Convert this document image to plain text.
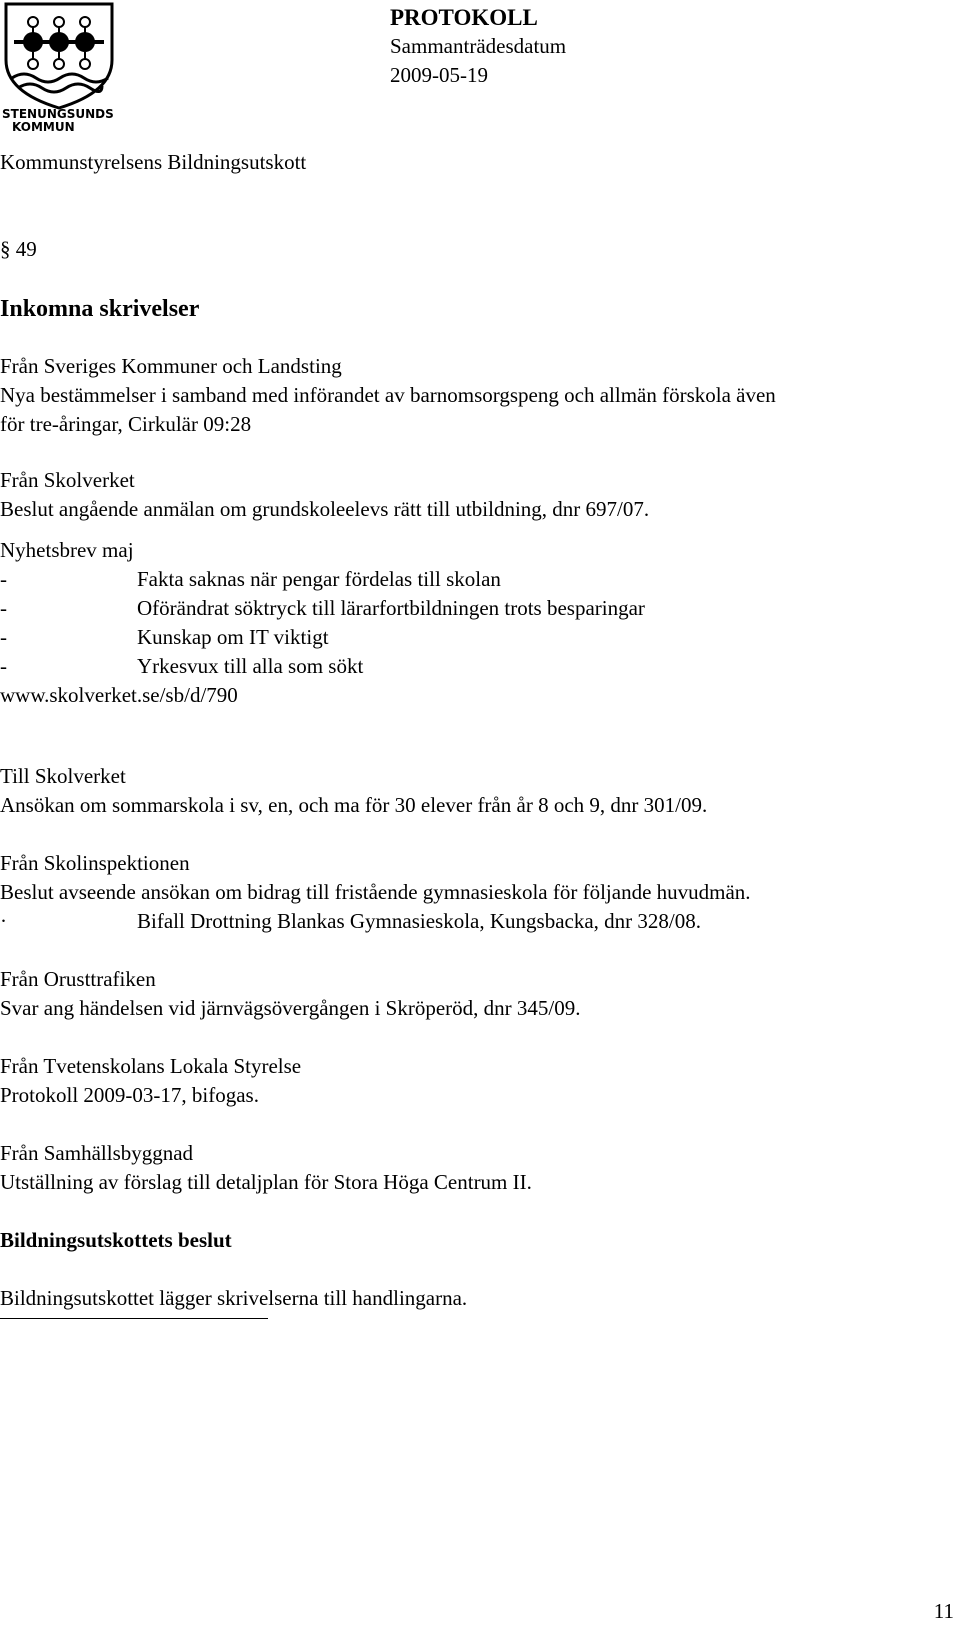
STENUNGSUNDS
KOMMUN
PROTOKOLL
Sammanträdesdatum
2009-05-19
Kommunstyrelsens Bildningsutskott
§ 49
Inkomna skrivelser
Från Sveriges Kommuner och Landsting
Nya bestämmelser i samband med införandet av barnomsorgspeng och allmän förskola även
för tre-åringar, Cirkulär 09:28
Från Skolverket
Beslut angående anmälan om grundskoleelevs rätt till utbildning, dnr 697/07.
Nyhetsbrev maj
-	Fakta saknas när pengar fördelas till skolan
-	Oförändrat söktryck till lärarfortbildningen trots besparingar
-	Kunskap om IT viktigt
-	Yrkesvux till alla som sökt
www.skolverket.se/sb/d/790
Till Skolverket
Ansökan om sommarskola i sv, en, och ma för 30 elever från år 8 och 9, dnr 301/09.
Från Skolinspektionen
Beslut avseende ansökan om bidrag till fristående gymnasieskola för följande huvudmän.
·	Bifall Drottning Blankas Gymnasieskola, Kungsbacka, dnr 328/08.
Från Orusttrafiken
Svar ang händelsen vid järnvägsövergången i Skröperöd, dnr 345/09.
Från Tvetenskolans Lokala Styrelse
Protokoll 2009-03-17, bifogas.
Från Samhällsbyggnad
Utställning av förslag till detaljplan för Stora Höga Centrum II.
Bildningsutskottets beslut
Bildningsutskottet lägger skrivelserna till handlingarna.
11
